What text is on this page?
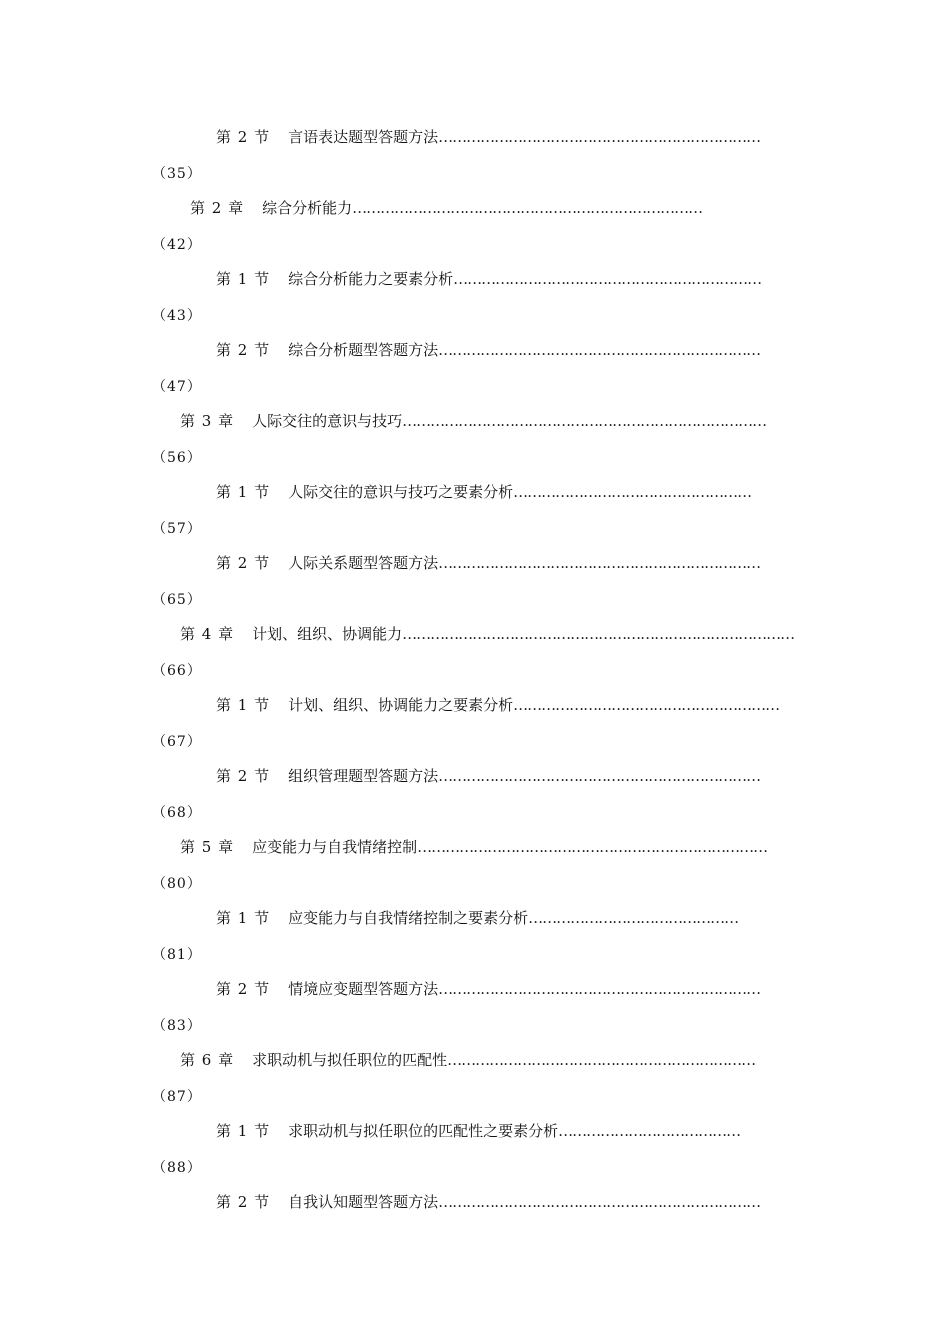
第 2 节 言语表达题型答题方法……………………………………………………………
（35）
第 2 章 综合分析能力…………………………………………………………………
（42）
第 1 节 综合分析能力之要素分析…………………………………………………………
（43）
第 2 节 综合分析题型答题方法……………………………………………………………
（47）
第 3 章 人际交往的意识与技巧……………………………………………………………………
（56）
第 1 节 人际交往的意识与技巧之要素分析……………………………………………
（57）
第 2 节 人际关系题型答题方法……………………………………………………………
（65）
第 4 章 计划、组织、协调能力…………………………………………………………………………
（66）
第 1 节 计划、组织、协调能力之要素分析…………………………………………………
（67）
第 2 节 组织管理题型答题方法……………………………………………………………
（68）
第 5 章 应变能力与自我情绪控制…………………………………………………………………
（80）
第 1 节 应变能力与自我情绪控制之要素分析………………………………………
（81）
第 2 节 情境应变题型答题方法……………………………………………………………
（83）
第 6 章 求职动机与拟任职位的匹配性…………………………………………………………
（87）
第 1 节 求职动机与拟任职位的匹配性之要素分析…………………………………
（88）
第 2 节 自我认知题型答题方法……………………………………………………………
